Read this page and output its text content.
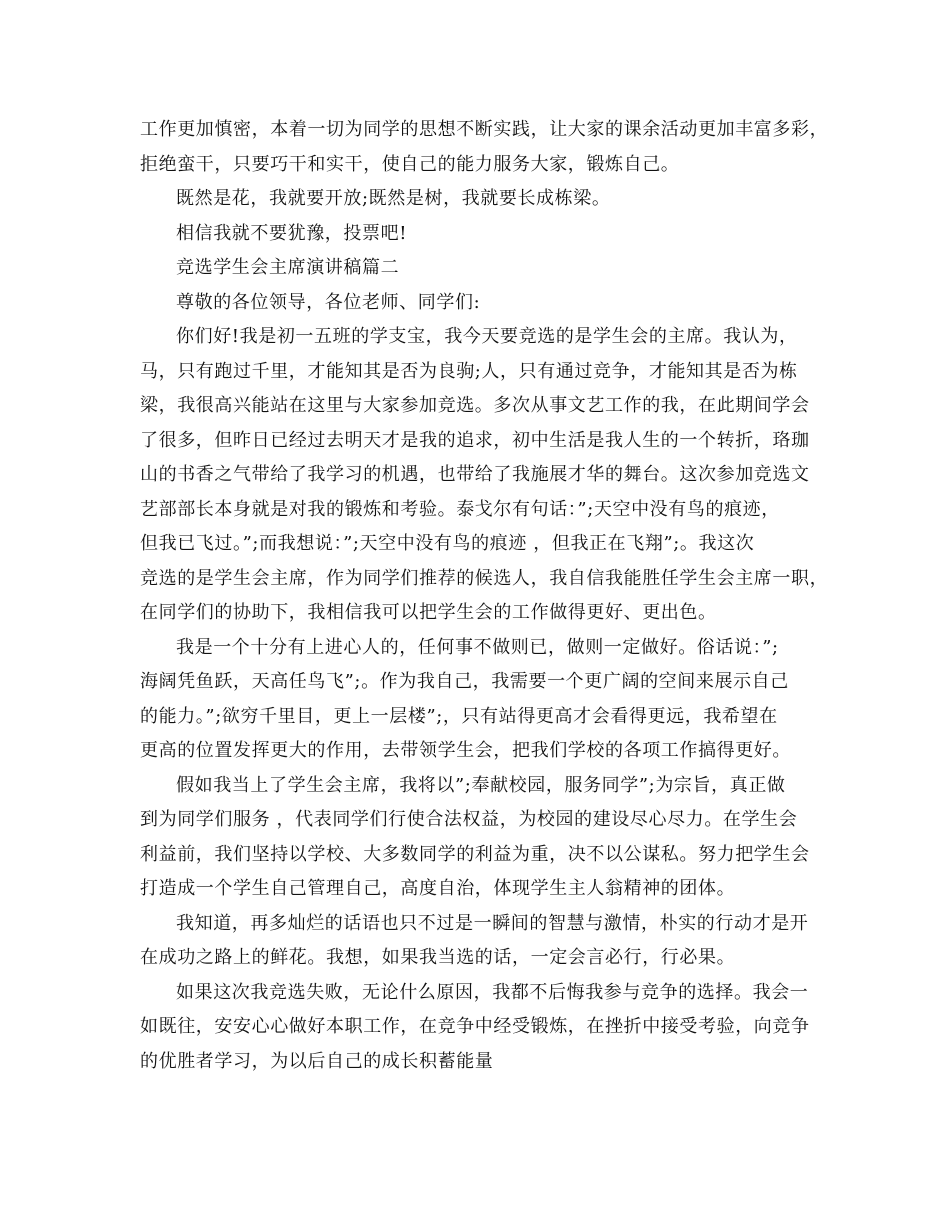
工作更加慎密，本着一切为同学的思想不断实践，让大家的课余活动更加丰富多彩，
拒绝蛮干，只要巧干和实干，使自己的能力服务大家，锻炼自己。
既然是花，我就要开放;既然是树，我就要长成栋梁。
相信我就不要犹豫，投票吧!
竞选学生会主席演讲稿篇二
尊敬的各位领导，各位老师、同学们:
你们好!我是初一五班的学支宝，我今天要竞选的是学生会的主席。我认为，
马，只有跑过千里，才能知其是否为良驹;人，只有通过竞争，才能知其是否为栋
梁，我很高兴能站在这里与大家参加竞选。多次从事文艺工作的我，在此期间学会
了很多，但昨日已经过去明天才是我的追求，初中生活是我人生的一个转折，珞珈
山的书香之气带给了我学习的机遇，也带给了我施展才华的舞台。这次参加竞选文
艺部部长本身就是对我的锻炼和考验。泰戈尔有句话：”;天空中没有鸟的痕迹，
但我已飞过。”;而我想说：”;天空中没有鸟的痕迹 ，但我正在飞翔”;。我这次
竞选的是学生会主席，作为同学们推荐的候选人，我自信我能胜任学生会主席一职，
在同学们的协助下，我相信我可以把学生会的工作做得更好、更出色。
我是一个十分有上进心人的，任何事不做则已，做则一定做好。俗话说：”;
海阔凭鱼跃，天高任鸟飞”;。作为我自己，我需要一个更广阔的空间来展示自己
的能力。”;欲穷千里目，更上一层楼”;，只有站得更高才会看得更远，我希望在
更高的位置发挥更大的作用，去带领学生会，把我们学校的各项工作搞得更好。
假如我当上了学生会主席，我将以”;奉献校园，服务同学”;为宗旨，真正做
到为同学们服务 ，代表同学们行使合法权益，为校园的建设尽心尽力。在学生会
利益前，我们坚持以学校、大多数同学的利益为重，决不以公谋私。努力把学生会
打造成一个学生自己管理自己，高度自治，体现学生主人翁精神的团体。
我知道，再多灿烂的话语也只不过是一瞬间的智慧与激情，朴实的行动才是开
在成功之路上的鲜花。我想，如果我当选的话，一定会言必行，行必果。
如果这次我竞选失败，无论什么原因，我都不后悔我参与竞争的选择。我会一
如既往，安安心心做好本职工作，在竞争中经受锻炼，在挫折中接受考验，向竞争
的优胜者学习，为以后自己的成长积蓄能量
